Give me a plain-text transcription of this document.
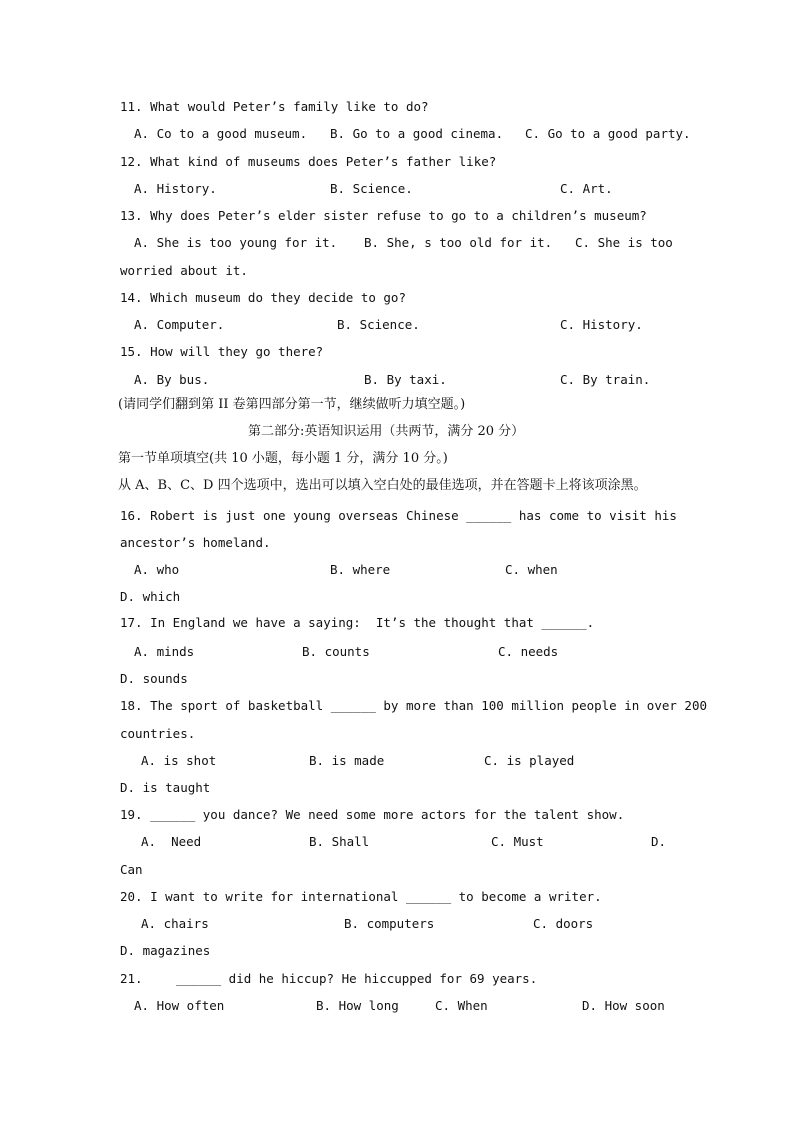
11. What would Peter’s family like to do?
A. Co to a good museum. B. Go to a good cinema. C. Go to a good party.
12. What kind of museums does Peter’s father like?
A. History.	B. Science.	C. Art.
13. Why does Peter’s elder sister refuse to go to a children’s museum?
A. She is too young for it. B. She, s too old for it. C. She is too
worried about it.
14. Which museum do they decide to go?
A. Computer.	B. Science.	C. History.
15. How will they go there?
A. By bus.	B. By taxi.	C. By train.
(请同学们翻到第 II 卷第四部分第一节，继续做听力填空题。)
第二部分:英语知识运用（共两节，满分 20 分）
第一节单项填空(共 10 小题，每小题 1 分，满分 10 分。)
从 A、B、C、D 四个选项中，选出可以填入空白处的最佳选项，并在答题卡上将该项涂黑。
16. Robert is just one young overseas Chinese ______ has come to visit his
ancestor’s homeland.
A. who	B. where	C. when
D. which
17. In England we have a saying:  It’s the thought that ______.
A. minds	B. counts	C. needs
D. sounds
18. The sport of basketball ______ by more than 100 million people in over 200
countries.
A. is shot	B. is made	C. is played
D. is taught
19. ______ you dance? We need some more actors for the talent show.
A.  Need	B. Shall	C. Must	D.
Can
20. I want to write for international ______ to become a writer.
A. chairs	B. computers	C. doors
D. magazines
21.	______ did he hiccup? He hiccupped for 69 years.
A. How often	B. How long	C. When	D. How soon
